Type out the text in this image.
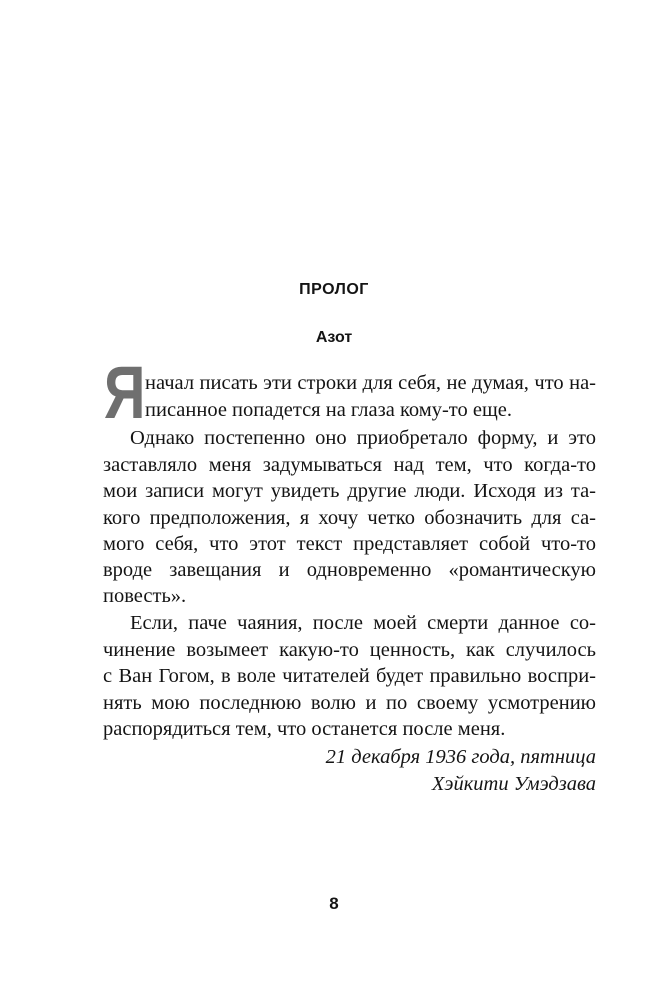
ПРОЛОГ
Азот
Я начал писать эти строки для себя, не думая, что на-
писанное попадется на глаза кому-то еще.
Однако постепенно оно приобретало форму, и это
заставляло меня задумываться над тем, что когда-то
мои записи могут увидеть другие люди. Исходя из та-
кого предположения, я хочу четко обозначить для са-
мого себя, что этот текст представляет собой что-то
вроде завещания и одновременно «романтическую
повесть».
Если, паче чаяния, после моей смерти данное со-
чинение возымеет какую-то ценность, как случилось
с Ван Гогом, в воле читателей будет правильно воспри-
нять мою последнюю волю и по своему усмотрению
распорядиться тем, что останется после меня.
21 декабря 1936 года, пятница
Хэйкити Умэдзава
8
